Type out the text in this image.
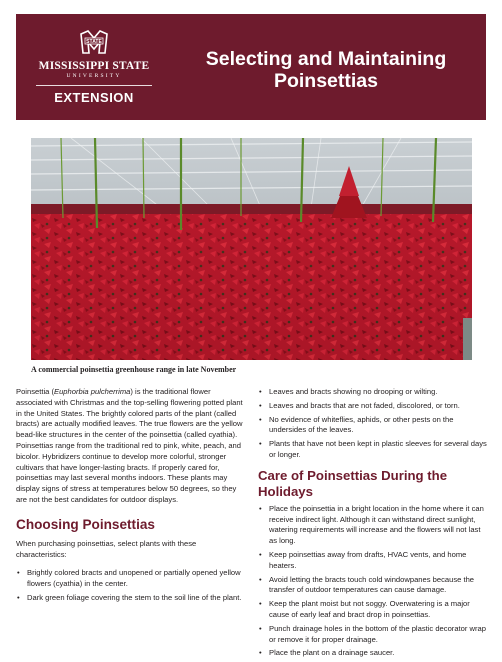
STATE
MISSISSIPPI STATE
UNIVERSITY
EXTENSION
Selecting and Maintaining Poinsettias
A commercial poinsettia greenhouse range in late November

Poinsettia (Euphorbia pulcherrima) is the traditional flower associated with Christmas and the top-selling flowering potted plant in the United States. The brightly colored parts of the plant (called bracts) are actually modified leaves. The true flowers are the yellow bead-like structures in the center of the poinsettia (called cyathia). Poinsettias range from the traditional red to pink, white, peach, and bicolor. Hybridizers continue to develop more colorful, stronger cultivars that have longer-lasting bracts. If properly cared for, poinsettias may last several months indoors. These plants may display signs of stress at temperatures below 50 degrees, so they are not the best candidates for outdoor displays.

Choosing Poinsettias

When purchasing poinsettias, select plants with these characteristics:

• Brightly colored bracts and unopened or partially opened yellow flowers (cyathia) in the center.
• Dark green foliage covering the stem to the soil line of the plant.
• Leaves and bracts showing no drooping or wilting.
• Leaves and bracts that are not faded, discolored, or torn.
• No evidence of whiteflies, aphids, or other pests on the undersides of the leaves.
• Plants that have not been kept in plastic sleeves for several days or longer.
Care of Poinsettias During the Holidays
• Place the poinsettia in a bright location in the home where it can receive indirect light. Although it can withstand direct sunlight, watering requirements will increase and the flowers will not last as long.
• Keep poinsettias away from drafts, HVAC vents, and home heaters.
• Avoid letting the bracts touch cold windowpanes because the transfer of outdoor temperatures can cause damage.
• Keep the plant moist but not soggy. Overwatering is a major cause of early leaf and bract drop in poinsettias.
• Punch drainage holes in the bottom of the plastic decorator wrap or remove it for proper drainage.
• Place the plant on a drainage saucer.
